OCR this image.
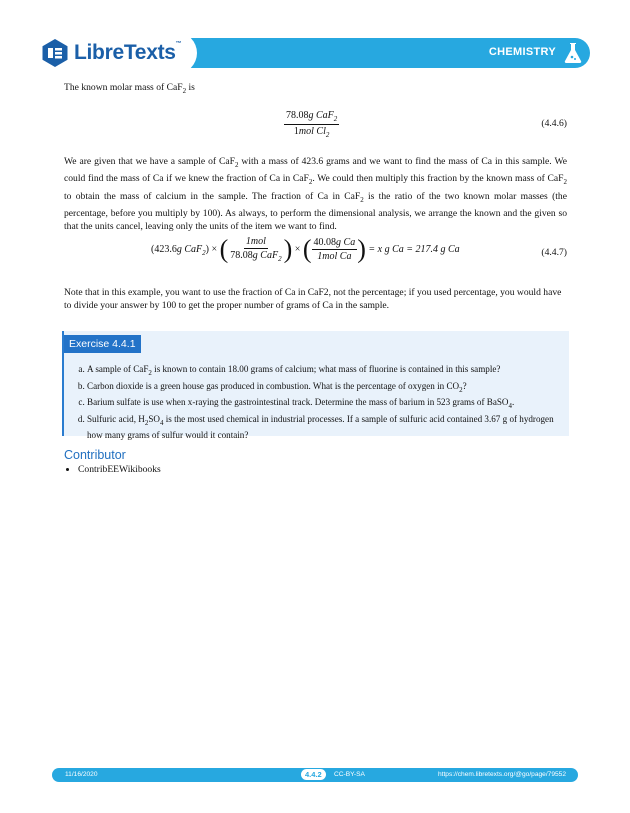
CHEMISTRY
LibreTexts™

The known molar mass of CaF$_2$ is

$\frac{78.08g CaF_2}{1mol Cl_2}$	(4.4.6)

We are given that we have a sample of CaF$_2$ with a mass of 423.6 grams and we want to find the mass of Ca in this sample. We could find the mass of Ca if we knew the fraction of Ca in CaF$_2$. We could then multiply this fraction by the known mass of CaF$_2$ to obtain the mass of calcium in the sample. The fraction of Ca in CaF$_2$ is the ratio of the two known molar masses (the percentage, before you multiply by 100). As always, to perform the dimensional analysis, we arrange the known and the given so that the units cancel, leaving only the units of the item we want to find.

(423.6g CaF$_2$) × ( $\frac{\text{1mol}}{78.08g CaF_2}$ ) × ( $\frac{\text{40.08g Ca}}{\text{1mol Ca}}$ ) = x g Ca = 217.4 g Ca	(4.4.7)

Note that in this example, you want to use the fraction of Ca in CaF2, not the percentage; if you used percentage, you would have to divide your answer by 100 to get the proper number of grams of Ca in the sample.

Exercise 4.4.1
a. A sample of CaF$_2$ is known to contain 18.00 grams of calcium; what mass of fluorine is contained in this sample?
b. Carbon dioxide is a green house gas produced in combustion. What is the percentage of oxygen in $CO_2$?
c. Barium sulfate is use when x-raying the gastrointestinal track. Determine the mass of barium in 523 grams of BaSO$_4$.
d. Sulfuric acid, $H_2SO_4$ is the most used chemical in industrial processes. If a sample of sulfuric acid contained 3.67 g of hydrogen how many grams of sulfur would it contain?
Contributor
• ContribEEWikibooks
11/16/2020	4.4.2	CC-BY-SA	https://chem.libretexts.org/@go/page/79552
